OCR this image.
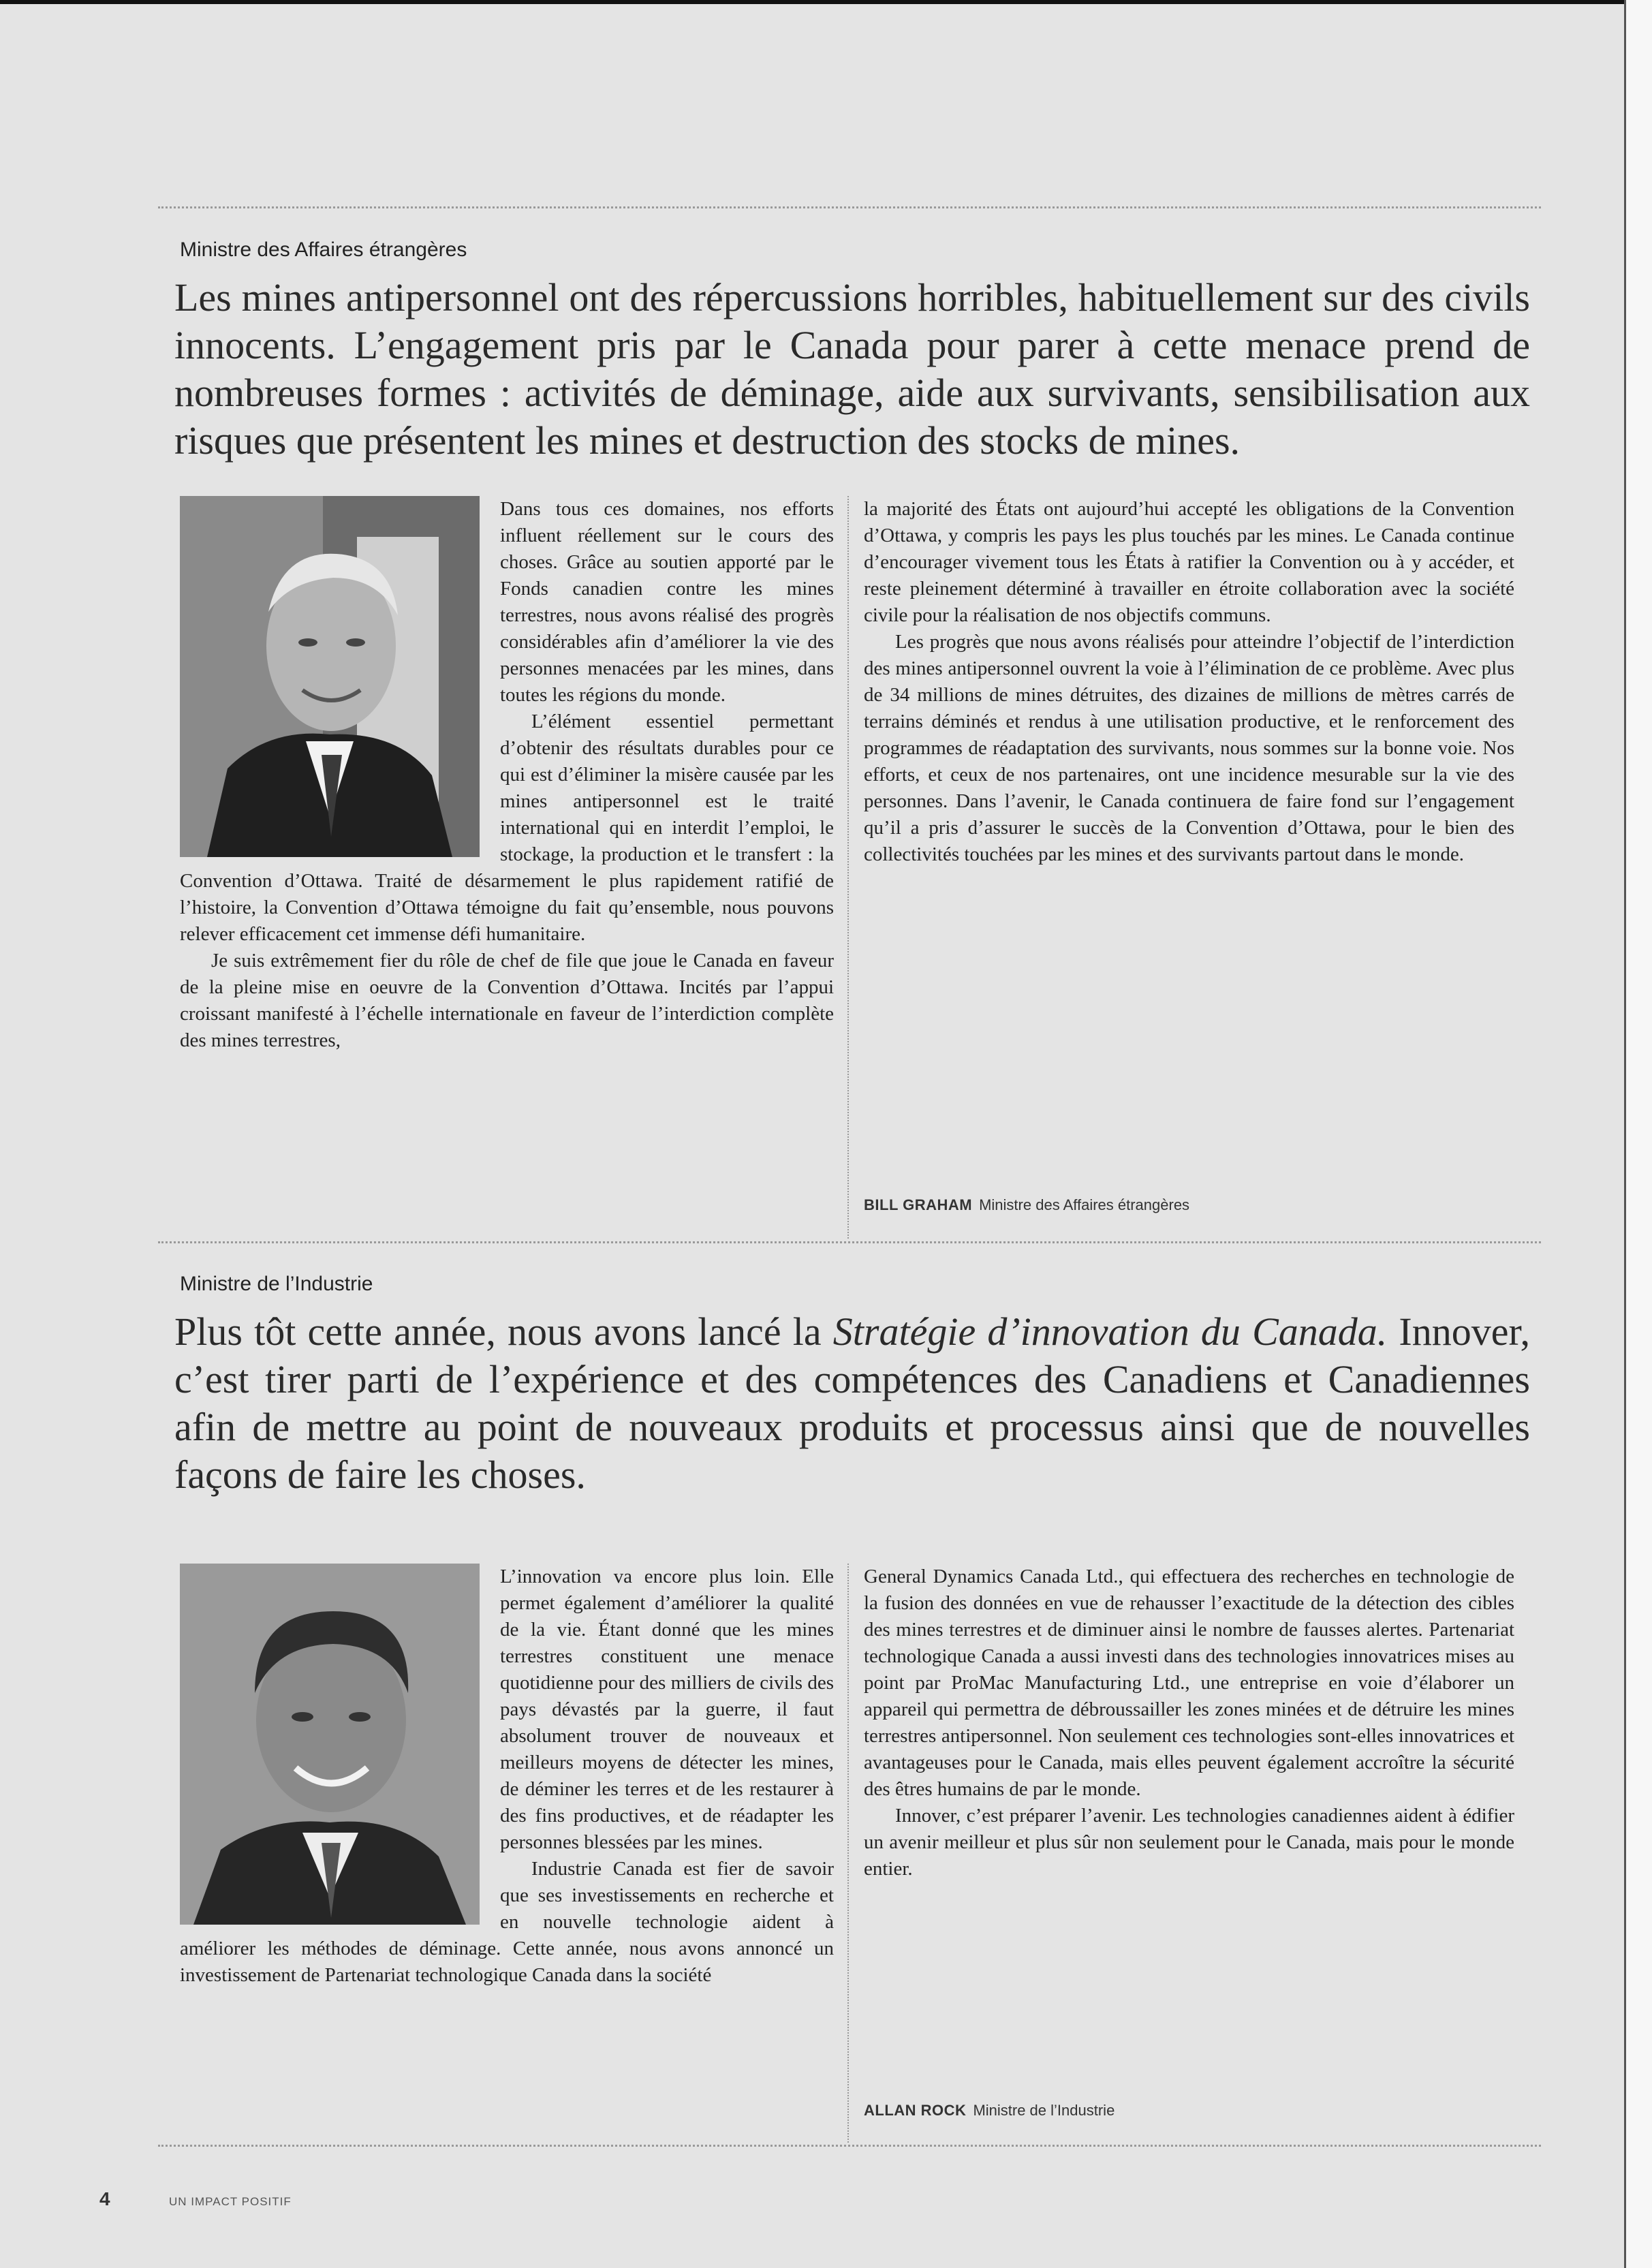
Ministre des Affaires étrangères

Les mines antipersonnel ont des répercussions horribles, habituellement sur des civils innocents. L’engagement pris par le Canada pour parer à cette menace prend de nombreuses formes : activités de déminage, aide aux survivants, sensibilisation aux risques que présentent les mines et destruction des stocks de mines.

Dans tous ces domaines, nos efforts influent réellement sur le cours des choses. Grâce au soutien apporté par le Fonds canadien contre les mines terrestres, nous avons réalisé des progrès considérables afin d’améliorer la vie des personnes menacées par les mines, dans toutes les régions du monde.

L’élément essentiel permettant d’obtenir des résultats durables pour ce qui est d’éliminer la misère causée par les mines antipersonnel est le traité international qui en interdit l’emploi, le stockage, la production et le transfert : la Convention d’Ottawa. Traité de désarmement le plus rapidement ratifié de l’histoire, la Convention d’Ottawa témoigne du fait qu’ensemble, nous pouvons relever efficacement cet immense défi humanitaire.

Je suis extrêmement fier du rôle de chef de file que joue le Canada en faveur de la pleine mise en oeuvre de la Convention d’Ottawa. Incités par l’appui croissant manifesté à l’échelle internationale en faveur de l’interdiction complète des mines terrestres,

la majorité des États ont aujourd’hui accepté les obligations de la Convention d’Ottawa, y compris les pays les plus touchés par les mines. Le Canada continue d’encourager vivement tous les États à ratifier la Convention ou à y accéder, et reste pleinement déterminé à travailler en étroite collaboration avec la société civile pour la réalisation de nos objectifs communs.

Les progrès que nous avons réalisés pour atteindre l’objectif de l’interdiction des mines antipersonnel ouvrent la voie à l’élimination de ce problème. Avec plus de 34 millions de mines détruites, des dizaines de millions de mètres carrés de terrains déminés et rendus à une utilisation productive, et le renforcement des programmes de réadaptation des survivants, nous sommes sur la bonne voie. Nos efforts, et ceux de nos partenaires, ont une incidence mesurable sur la vie des personnes. Dans l’avenir, le Canada continuera de faire fond sur l’engagement qu’il a pris d’assurer le succès de la Convention d’Ottawa, pour le bien des collectivités touchées par les mines et des survivants partout dans le monde.

BILL GRAHAM Ministre des Affaires étrangères
Ministre de l’Industrie

Plus tôt cette année, nous avons lancé la Stratégie d’innovation du Canada. Innover, c’est tirer parti de l’expérience et des compétences des Canadiens et Canadiennes afin de mettre au point de nouveaux produits et processus ainsi que de nouvelles façons de faire les choses.

L’innovation va encore plus loin. Elle permet également d’améliorer la qualité de la vie. Étant donné que les mines terrestres constituent une menace quotidienne pour des milliers de civils des pays dévastés par la guerre, il faut absolument trouver de nouveaux et meilleurs moyens de détecter les mines, de déminer les terres et de les restaurer à des fins productives, et de réadapter les personnes blessées par les mines.

Industrie Canada est fier de savoir que ses investissements en recherche et en nouvelle technologie aident à améliorer les méthodes de déminage. Cette année, nous avons annoncé un investissement de Partenariat technologique Canada dans la société

General Dynamics Canada Ltd., qui effectuera des recherches en technologie de la fusion des données en vue de rehausser l’exactitude de la détection des cibles des mines terrestres et de diminuer ainsi le nombre de fausses alertes. Partenariat technologique Canada a aussi investi dans des technologies innovatrices mises au point par ProMac Manufacturing Ltd., une entreprise en voie d’élaborer un appareil qui permettra de débroussailler les zones minées et de détruire les mines terrestres antipersonnel. Non seulement ces technologies sont-elles innovatrices et avantageuses pour le Canada, mais elles peuvent également accroître la sécurité des êtres humains de par le monde.

Innover, c’est préparer l’avenir. Les technologies canadiennes aident à édifier un avenir meilleur et plus sûr non seulement pour le Canada, mais pour le monde entier.

ALLAN ROCK Ministre de l’Industrie
4	UN IMPACT POSITIF
